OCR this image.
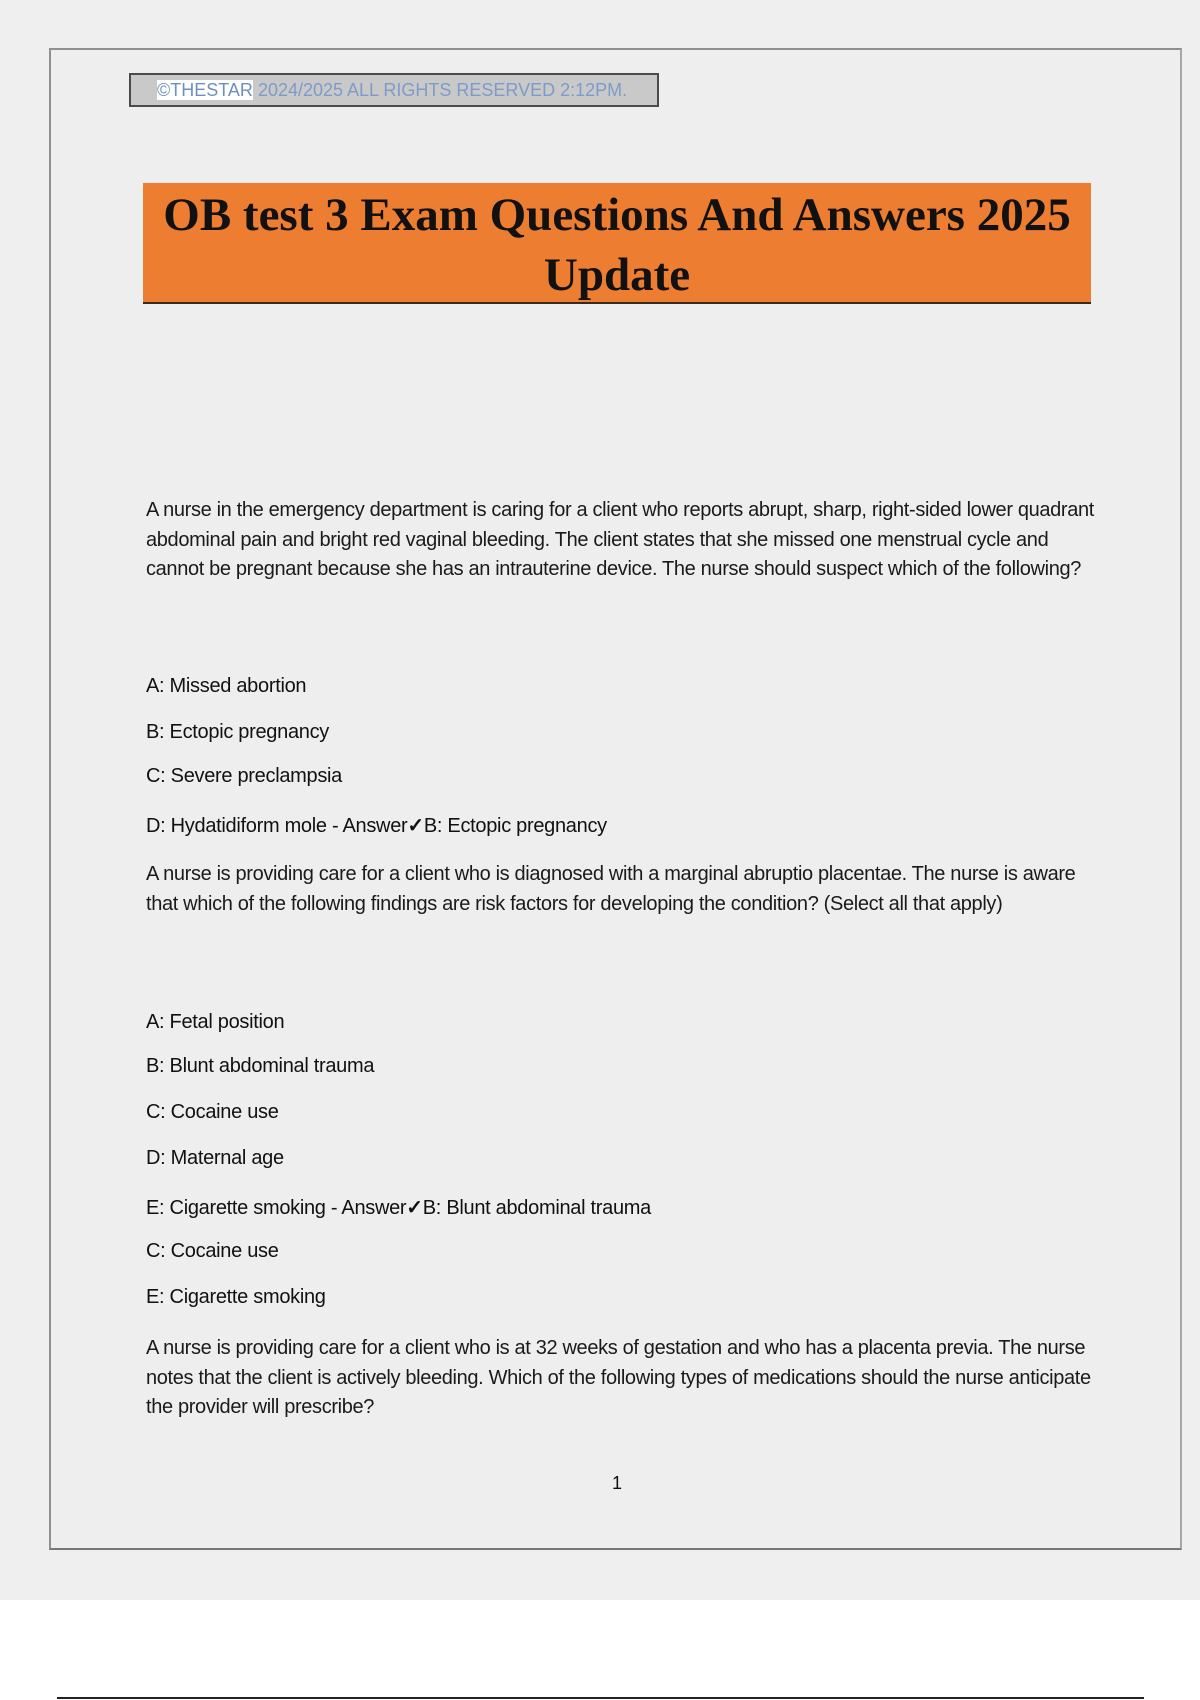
©THESTAR 2024/2025 ALL RIGHTS RESERVED 2:12PM.
OB test 3 Exam Questions And Answers 2025 Update

A nurse in the emergency department is caring for a client who reports abrupt, sharp, right-sided lower quadrant abdominal pain and bright red vaginal bleeding. The client states that she missed one menstrual cycle and cannot be pregnant because she has an intrauterine device. The nurse should suspect which of the following?

A: Missed abortion
B: Ectopic pregnancy
C: Severe preclampsia
D: Hydatidiform mole - Answer✓B: Ectopic pregnancy

A nurse is providing care for a client who is diagnosed with a marginal abruptio placentae. The nurse is aware that which of the following findings are risk factors for developing the condition? (Select all that apply)

A: Fetal position
B: Blunt abdominal trauma
C: Cocaine use
D: Maternal age
E: Cigarette smoking - Answer✓B: Blunt abdominal trauma
C: Cocaine use
E: Cigarette smoking

A nurse is providing care for a client who is at 32 weeks of gestation and who has a placenta previa. The nurse notes that the client is actively bleeding. Which of the following types of medications should the nurse anticipate the provider will prescribe?

1
